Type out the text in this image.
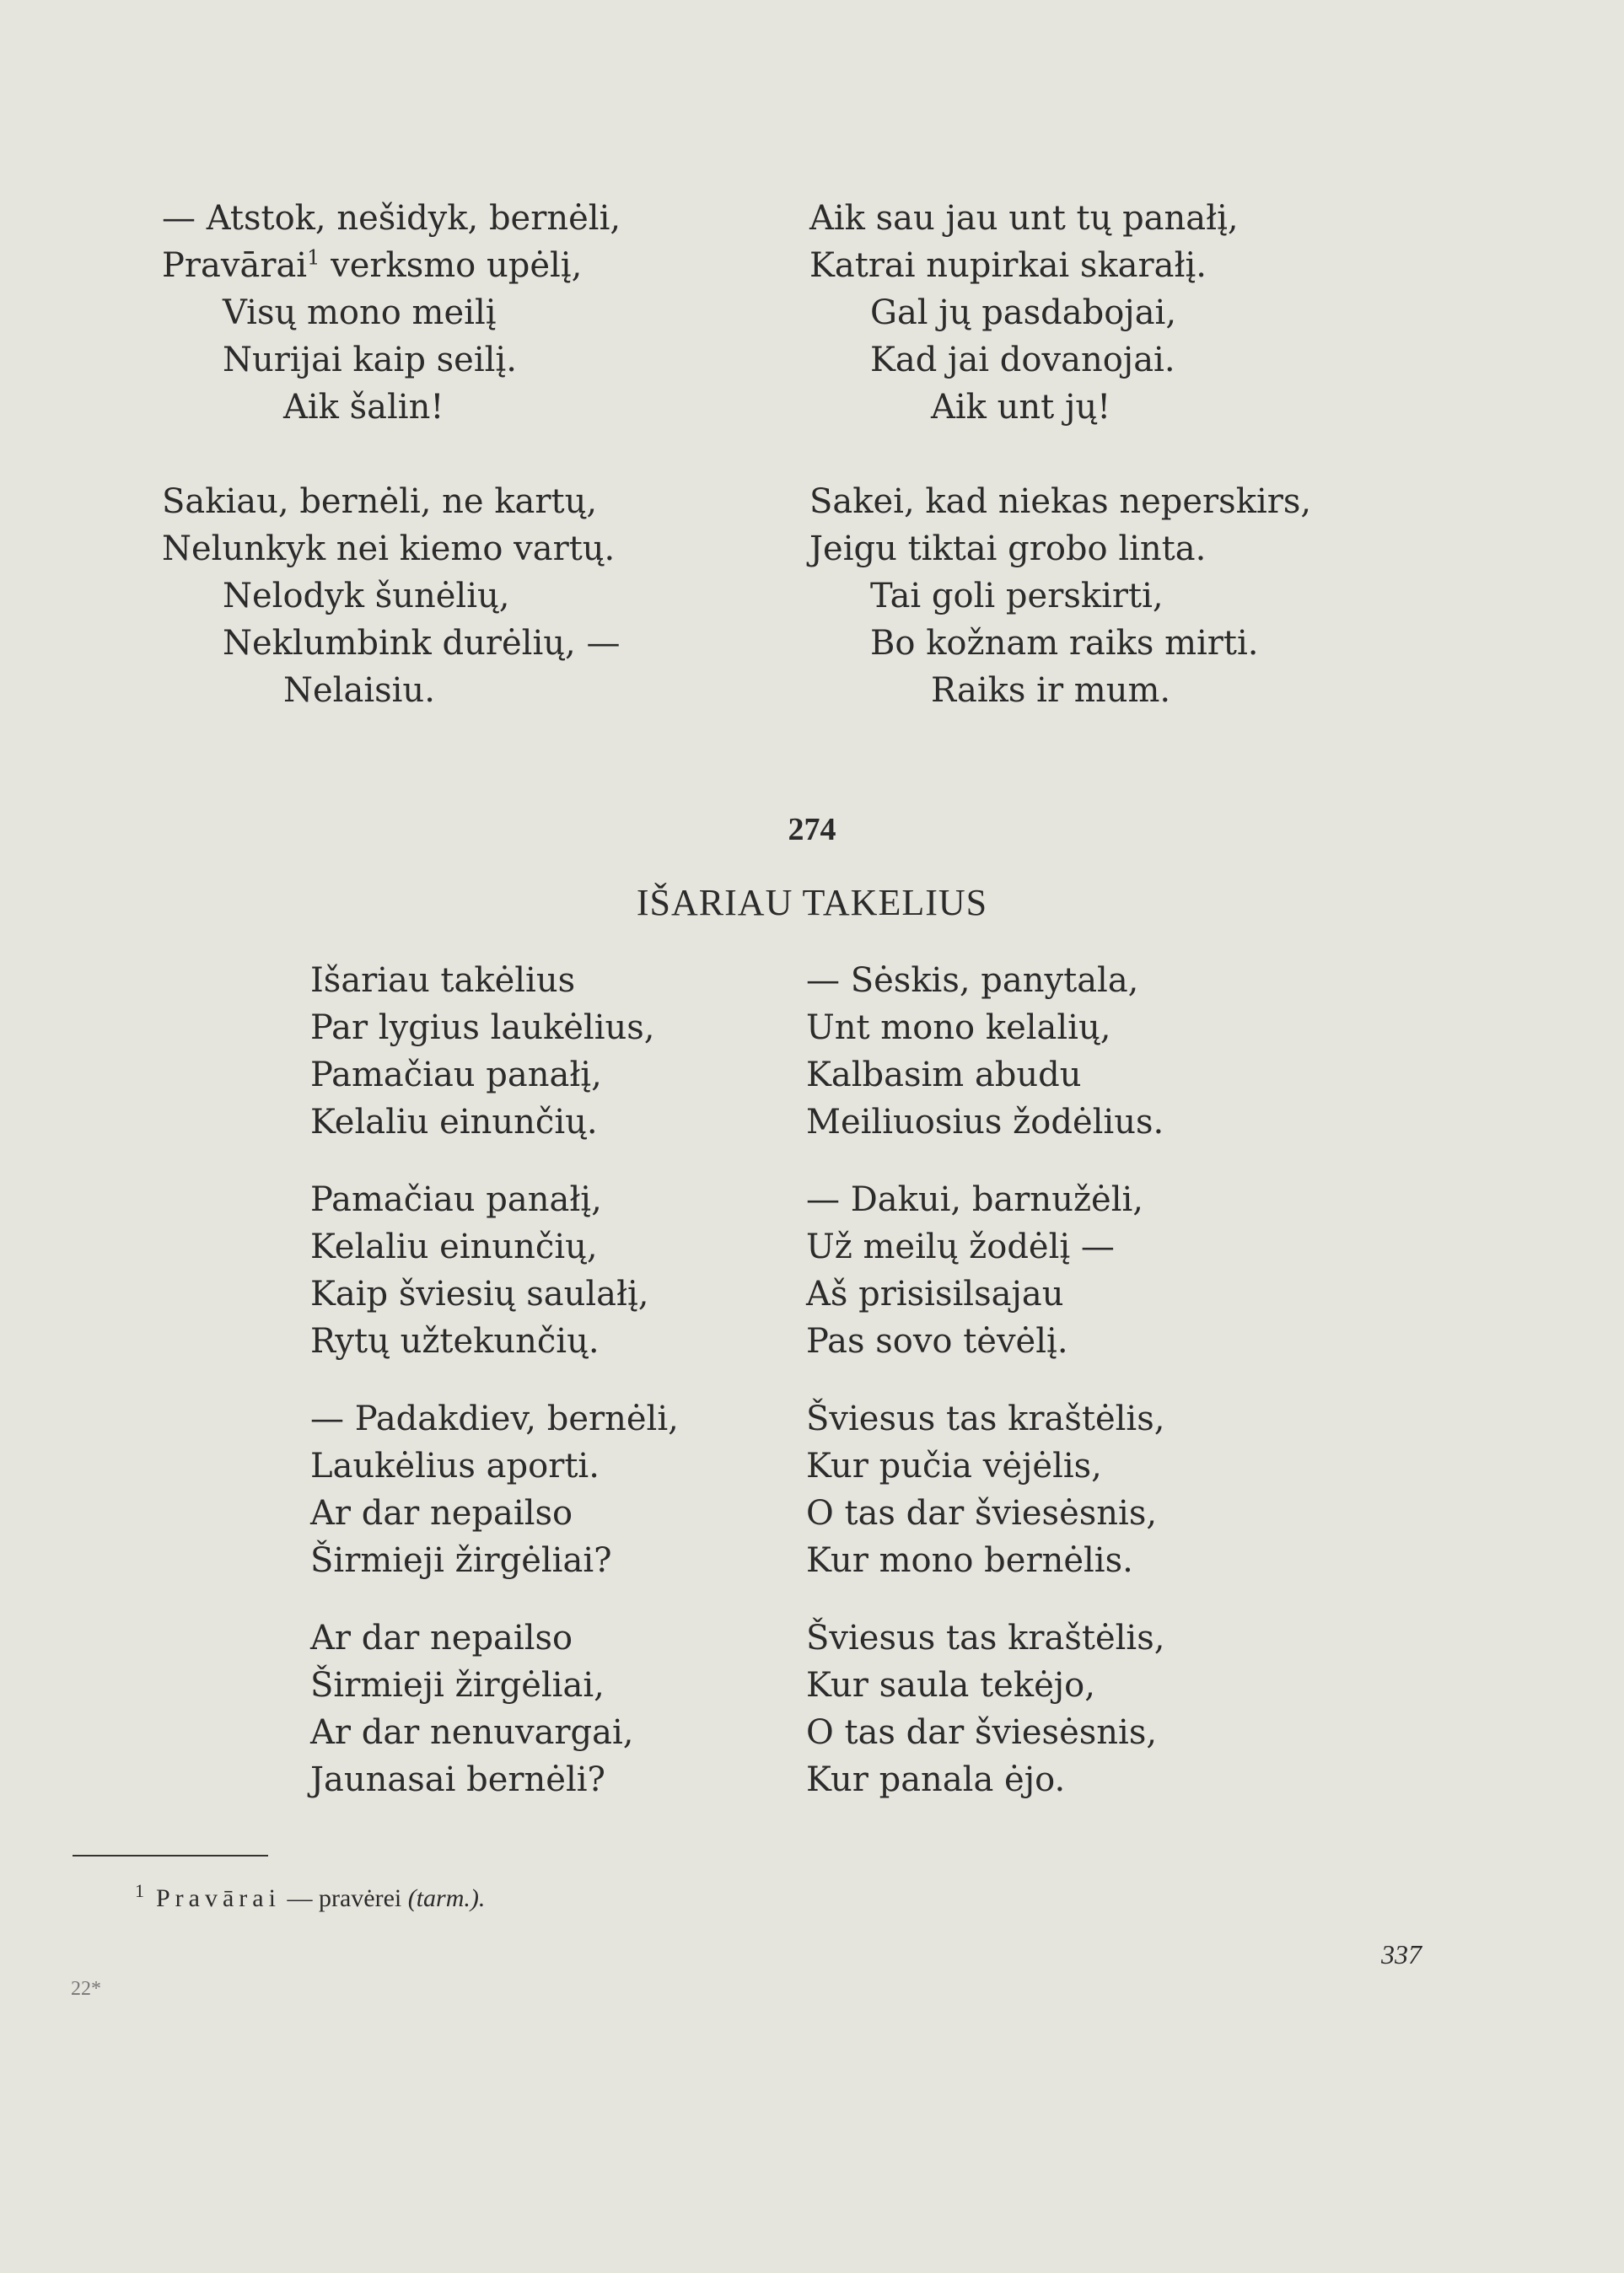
— Atstok, nešidyk, bernėli,
Pravārai$^1$ verksmo upėlį,
Visų mono meilį
Nurijai kaip seilį.
Aik šalin!
Sakiau, bernėli, ne kartų,
Nelunkyk nei kiemo vartų.
Nelodyk šunėlių,
Neklumbink durėlių, —
Nelaisiu.
Aik sau jau unt tų panałį,
Katrai nupirkai skarałį.
Gal jų pasdabojai,
Kad jai dovanojai.
Aik unt jų!
Sakei, kad niekas neperskirs,
Jeigu tiktai grobo linta.
Tai goli perskirti,
Bo kožnam raiks mirti.
Raiks ir mum.
274
IŠARIAU TAKELIUS
Išariau takėlius
Par lygius laukėlius,
Pamačiau panałį,
Kelaliu einunčių.
Pamačiau panałį,
Kelaliu einunčių,
Kaip šviesių saulałį,
Rytų užtekunčių.
— Padakdiev, bernėli,
Laukėlius aporti.
Ar dar nepailso
Širmieji žirgėliai?
Ar dar nepailso
Širmieji žirgėliai,
Ar dar nenuvargai,
Jaunasai bernėli?
— Sėskis, panytala,
Unt mono kelalių,
Kalbasim abudu
Meiliuosius žodėlius.
— Dakui, barnužėli,
Už meilų žodėlį —
Aš prisisilsajau
Pas sovo tėvėlį.
Šviesus tas kraštėlis,
Kur pučia vėjėlis,
O tas dar šviesėsnis,
Kur mono bernėlis.
Šviesus tas kraštėlis,
Kur saula tekėjo,
O tas dar šviesėsnis,
Kur panala ėjo.
$^1$ Pravārai — pravėrei (tarm.).
337
22*
